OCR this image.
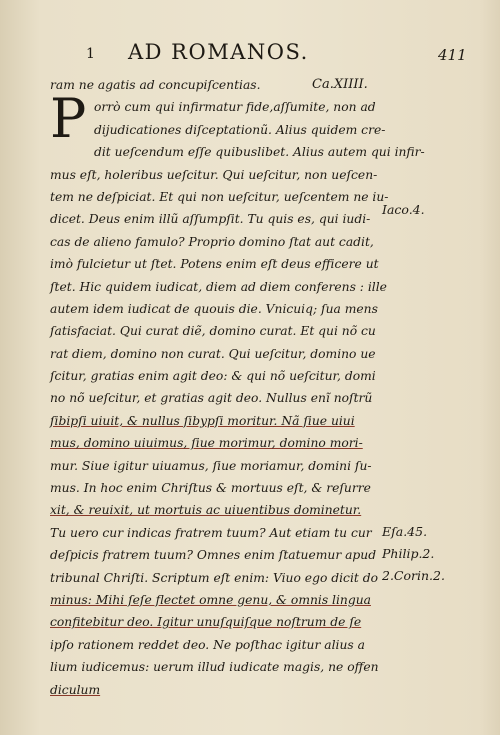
1 AD ROMANOS.	411
ram ne agatis ad concupiſcentias.	Ca.XIIII.
P orrò cum qui infirmatur fide,aſſumite, non ad
dijudicationes diſceptationũ. Alius quidem cre-
dit ueſcendum eſſe quibuslibet. Alius autem qui infir-
mus eſt, holeribus ueſcitur. Qui ueſcitur, non ueſcen-
tem ne deſpiciat. Et qui non ueſcitur, ueſcentem ne iu-
dicet. Deus enim illũ aſſumpſit. Tu quis es, qui iudi-
cas de alieno famulo? Proprio domino ſtat aut cadit,
imò fulcietur ut ſtet. Potens enim eſt deus efficere ut
ſtet. Hic quidem iudicat, diem ad diem conferens : ille
autem idem iudicat de quouis die. Vnicuiq; ſua mens
ſatisfaciat. Qui curat diẽ, domino curat. Et qui nõ cu
rat diem, domino non curat. Qui ueſcitur, domino ue
ſcitur, gratias enim agit deo: & qui nõ ueſcitur, domi
no nõ ueſcitur, et gratias agit deo. Nullus enĩ noſtrũ
ſibipſi uiuit, & nullus ſibypſi moritur. Nã ſiue uiui
mus, domino uiuimus, ſiue morimur, domino mori-
mur. Siue igitur uiuamus, ſiue moriamur, domini ſu-
mus. In hoc enim Chriſtus & mortuus eſt, & reſurre
xit, & reuixit, ut mortuis ac uiuentibus dominetur.
Tu uero cur indicas fratrem tuum? Aut etiam tu cur
deſpicis fratrem tuum? Omnes enim ſtatuemur apud
tribunal Chriſti. Scriptum eſt enim: Viuo ego dicit do
minus: Mihi ſeſe flectet omne genu, & omnis lingua
confitebitur deo. Igitur unuſquiſque noſtrum de ſe
ipſo rationem reddet deo. Ne poſthac igitur alius a
lium iudicemus: uerum illud iudicate magis, ne offen
diculum
Iaco.4.
Eſa.45.
Philip.2.
2.Corin.2.
